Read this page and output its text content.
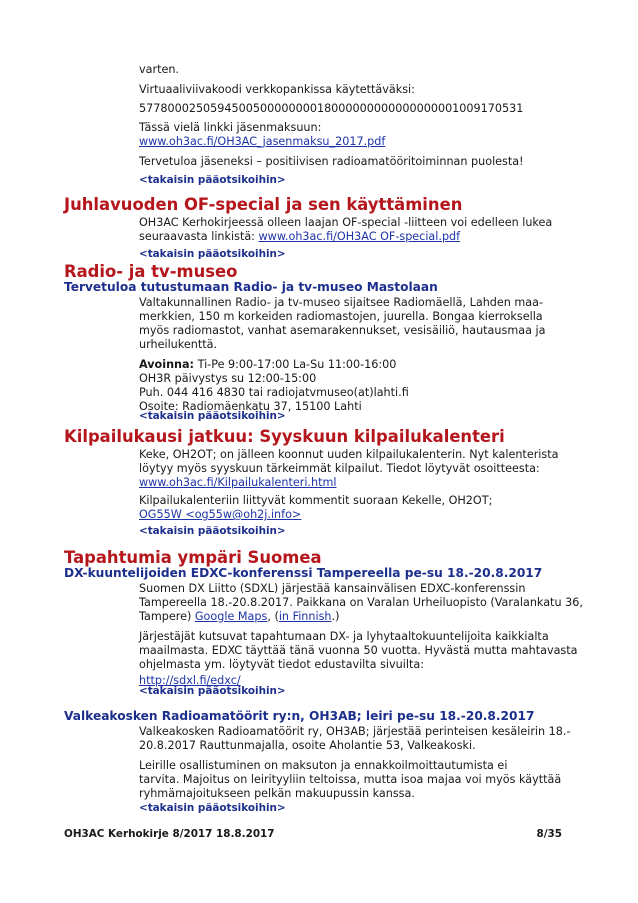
varten.

Virtuaaliviivakoodi verkkopankissa käytettäväksi:

577800025059450050000000018000000000000000001009170531

Tässä vielä linkki jäsenmaksuun:

www.oh3ac.fi/OH3AC_jasenmaksu_2017.pdf

Tervetuloa jäseneksi – positiivisen radioamatööritoiminnan puolesta!

<takaisin pääotsikoihin>
Juhlavuoden OF-special ja sen käyttäminen

OH3AC Kerhokirjeessä olleen laajan OF-special -liitteen voi edelleen lukea

seuraavasta linkistä: www.oh3ac.fi/OH3AC OF-special.pdf

<takaisin pääotsikoihin>
Radio- ja tv-museo
Tervetuloa tutustumaan Radio- ja tv-museo Mastolaan

Valtakunnallinen Radio- ja tv-museo sijaitsee Radiomäellä, Lahden maa-

merkkien, 150 m korkeiden radiomastojen, juurella. Bongaa kierroksella

myös radiomastot, vanhat asemarakennukset, vesisäiliö, hautausmaa ja

urheilukenttä.

Avoinna: Ti-Pe 9:00-17:00 La-Su 11:00-16:00

OH3R päivystys su 12:00-15:00

Puh. 044 416 4830 tai radiojatvmuseo(at)lahti.fi

Osoite: Radiomäenkatu 37, 15100 Lahti

<takaisin pääotsikoihin>
Kilpailukausi jatkuu: Syyskuun kilpailukalenteri

Keke, OH2OT; on jälleen koonnut uuden kilpailukalenterin. Nyt kalenterista

löytyy myös syyskuun tärkeimmät kilpailut. Tiedot löytyvät osoitteesta:

www.oh3ac.fi/Kilpailukalenteri.html

Kilpailukalenteriin liittyvät kommentit suoraan Kekelle, OH2OT;

OG55W <og55w@oh2j.info>

<takaisin pääotsikoihin>
Tapahtumia ympäri Suomea
DX-kuuntelijoiden EDXC-konferenssi Tampereella pe-su 18.-20.8.2017

Suomen DX Liitto (SDXL) järjestää kansainvälisen EDXC-konferenssin

Tampereella 18.-20.8.2017. Paikkana on Varalan Urheiluopisto (Varalankatu 36,

Tampere) Google Maps, (in Finnish.)

Järjestäjät kutsuvat tapahtumaan DX- ja lyhytaaltokuuntelijoita kaikkialta

maailmasta. EDXC täyttää tänä vuonna 50 vuotta. Hyvästä mutta mahtavasta

ohjelmasta ym. löytyvät tiedot edustavilta sivuilta:

http://sdxl.fi/edxc/

<takaisin pääotsikoihin>
Valkeakosken Radioamatöörit ry:n, OH3AB; leiri pe-su 18.-20.8.2017

Valkeakosken Radioamatöörit ry, OH3AB; järjestää perinteisen kesäleirin 18.-

20.8.2017 Rauttunmajalla, osoite Aholantie 53, Valkeakoski.

Leirille osallistuminen on maksuton ja ennakkoilmoittautumista ei

tarvita. Majoitus on leirityyliin teltoissa, mutta isoa majaa voi myös käyttää

ryhmämajoitukseen pelkän makuupussin kanssa.

<takaisin pääotsikoihin>
OH3AC Kerhokirje 8/2017 18.8.2017	8/35
